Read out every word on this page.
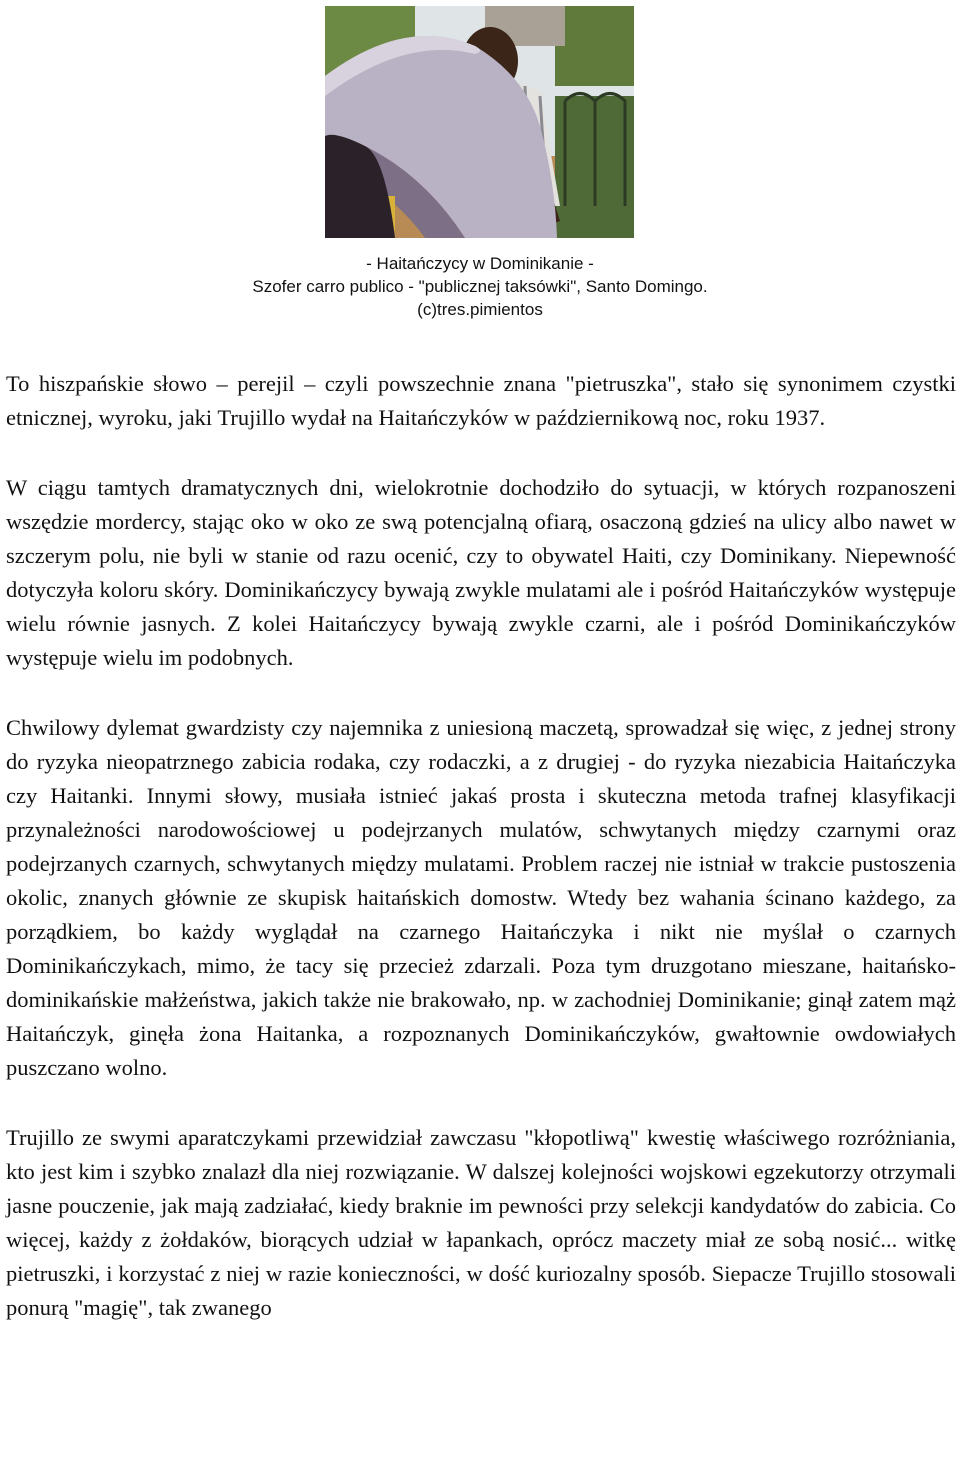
- Haitańczycy w Dominikanie -
Szofer carro publico - "publicznej taksówki", Santo Domingo.
(c)tres.pimientos

To hiszpańskie słowo – perejil – czyli powszechnie znana "pietruszka", stało się synonimem czystki etnicznej, wyroku, jaki Trujillo wydał na Haitańczyków w październikową noc, roku 1937.

W ciągu tamtych dramatycznych dni, wielokrotnie dochodziło do sytuacji, w których rozpanoszeni wszędzie mordercy, stając oko w oko ze swą potencjalną ofiarą, osaczoną gdzieś na ulicy albo nawet w szczerym polu, nie byli w stanie od razu ocenić, czy to obywatel Haiti, czy Dominikany. Niepewność dotyczyła koloru skóry. Dominikańczycy bywają zwykle mulatami ale i pośród Haitańczyków występuje wielu równie jasnych. Z kolei Haitańczycy bywają zwykle czarni, ale i pośród Dominikańczyków występuje wielu im podobnych.

Chwilowy dylemat gwardzisty czy najemnika z uniesioną maczetą, sprowadzał się więc, z jednej strony do ryzyka nieopatrznego zabicia rodaka, czy rodaczki, a z drugiej - do ryzyka niezabicia Haitańczyka czy Haitanki. Innymi słowy, musiała istnieć jakaś prosta i skuteczna metoda trafnej klasyfikacji przynależności narodowościowej u podejrzanych mulatów, schwytanych między czarnymi oraz podejrzanych czarnych, schwytanych między mulatami. Problem raczej nie istniał w trakcie pustoszenia okolic, znanych głównie ze skupisk haitańskich domostw. Wtedy bez wahania ścinano każdego, za porządkiem, bo każdy wyglądał na czarnego Haitańczyka i nikt nie myślał o czarnych Dominikańczykach, mimo, że tacy się przecież zdarzali. Poza tym druzgotano mieszane, haitańsko-dominikańskie małżeństwa, jakich także nie brakowało, np. w zachodniej Dominikanie; ginął zatem mąż Haitańczyk, ginęła żona Haitanka, a rozpoznanych Dominikańczyków, gwałtownie owdowiałych puszczano wolno.

Trujillo ze swymi aparatczykami przewidział zawczasu "kłopotliwą" kwestię właściwego rozróżniania, kto jest kim i szybko znalazł dla niej rozwiązanie. W dalszej kolejności wojskowi egzekutorzy otrzymali jasne pouczenie, jak mają zadziałać, kiedy braknie im pewności przy selekcji kandydatów do zabicia. Co więcej, każdy z żołdaków, biorących udział w łapankach, oprócz maczety miał ze sobą nosić... witkę pietruszki, i korzystać z niej w razie konieczności, w dość kuriozalny sposób. Siepacze Trujillo stosowali ponurą "magię", tak zwanego
